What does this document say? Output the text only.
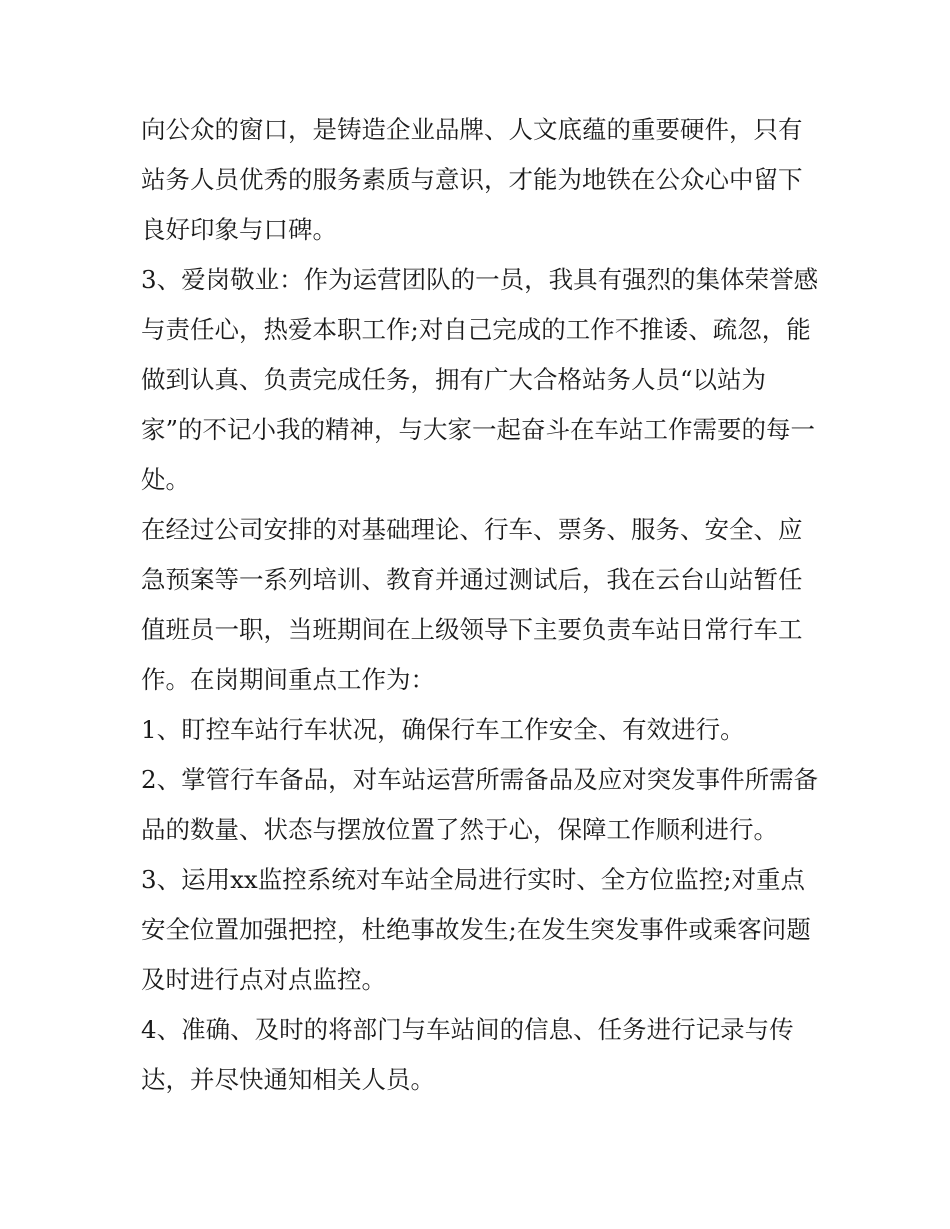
向公众的窗口，是铸造企业品牌、人文底蕴的重要硬件，只有站务人员优秀的服务素质与意识，才能为地铁在公众心中留下良好印象与口碑。

3、爱岗敬业：作为运营团队的一员，我具有强烈的集体荣誉感与责任心，热爱本职工作;对自己完成的工作不推诿、疏忽，能做到认真、负责完成任务，拥有广大合格站务人员“以站为家”的不记小我的精神，与大家一起奋斗在车站工作需要的每一处。

在经过公司安排的对基础理论、行车、票务、服务、安全、应急预案等一系列培训、教育并通过测试后，我在云台山站暂任值班员一职，当班期间在上级领导下主要负责车站日常行车工作。在岗期间重点工作为：

1、盯控车站行车状况，确保行车工作安全、有效进行。

2、掌管行车备品，对车站运营所需备品及应对突发事件所需备品的数量、状态与摆放位置了然于心，保障工作顺利进行。

3、运用xx监控系统对车站全局进行实时、全方位监控;对重点安全位置加强把控，杜绝事故发生;在发生突发事件或乘客问题及时进行点对点监控。

4、准确、及时的将部门与车站间的信息、任务进行记录与传达，并尽快通知相关人员。
